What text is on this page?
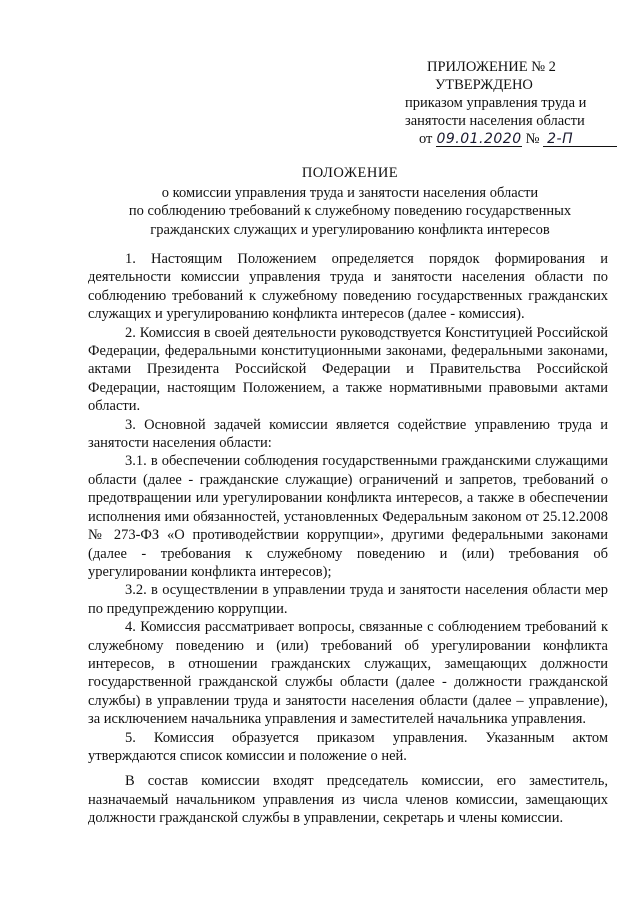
ПРИЛОЖЕНИЕ № 2
УТВЕРЖДЕНО
приказом управления труда и
занятости населения области
от 09.01.2020 № 2-П
ПОЛОЖЕНИЕ
о комиссии управления труда и занятости населения области
по соблюдению требований к служебному поведению государственных
гражданских служащих и урегулированию конфликта интересов

1. Настоящим Положением определяется порядок формирования и деятельности комиссии управления труда и занятости населения области по соблюдению требований к служебному поведению государственных гражданских служащих и урегулированию конфликта интересов (далее - комиссия).

2. Комиссия в своей деятельности руководствуется Конституцией Российской Федерации, федеральными конституционными законами, федеральными законами, актами Президента Российской Федерации и Правительства Российской Федерации, настоящим Положением, а также нормативными правовыми актами области.

3. Основной задачей комиссии является содействие управлению труда и занятости населения области:

3.1. в обеспечении соблюдения государственными гражданскими служащими области (далее - гражданские служащие) ограничений и запретов, требований о предотвращении или урегулировании конфликта интересов, а также в обеспечении исполнения ими обязанностей, установленных Федеральным законом от 25.12.2008 № 273-ФЗ «О противодействии коррупции», другими федеральными законами (далее - требования к служебному поведению и (или) требования об урегулировании конфликта интересов);

3.2. в осуществлении в управлении труда и занятости населения области мер по предупреждению коррупции.

4. Комиссия рассматривает вопросы, связанные с соблюдением требований к служебному поведению и (или) требований об урегулировании конфликта интересов, в отношении гражданских служащих, замещающих должности государственной гражданской службы области (далее - должности гражданской службы) в управлении труда и занятости населения области (далее – управление), за исключением начальника управления и заместителей начальника управления.

5. Комиссия образуется приказом управления. Указанным актом утверждаются список комиссии и положение о ней.

В состав комиссии входят председатель комиссии, его заместитель, назначаемый начальником управления из числа членов комиссии, замещающих должности гражданской службы в управлении, секретарь и члены комиссии.
